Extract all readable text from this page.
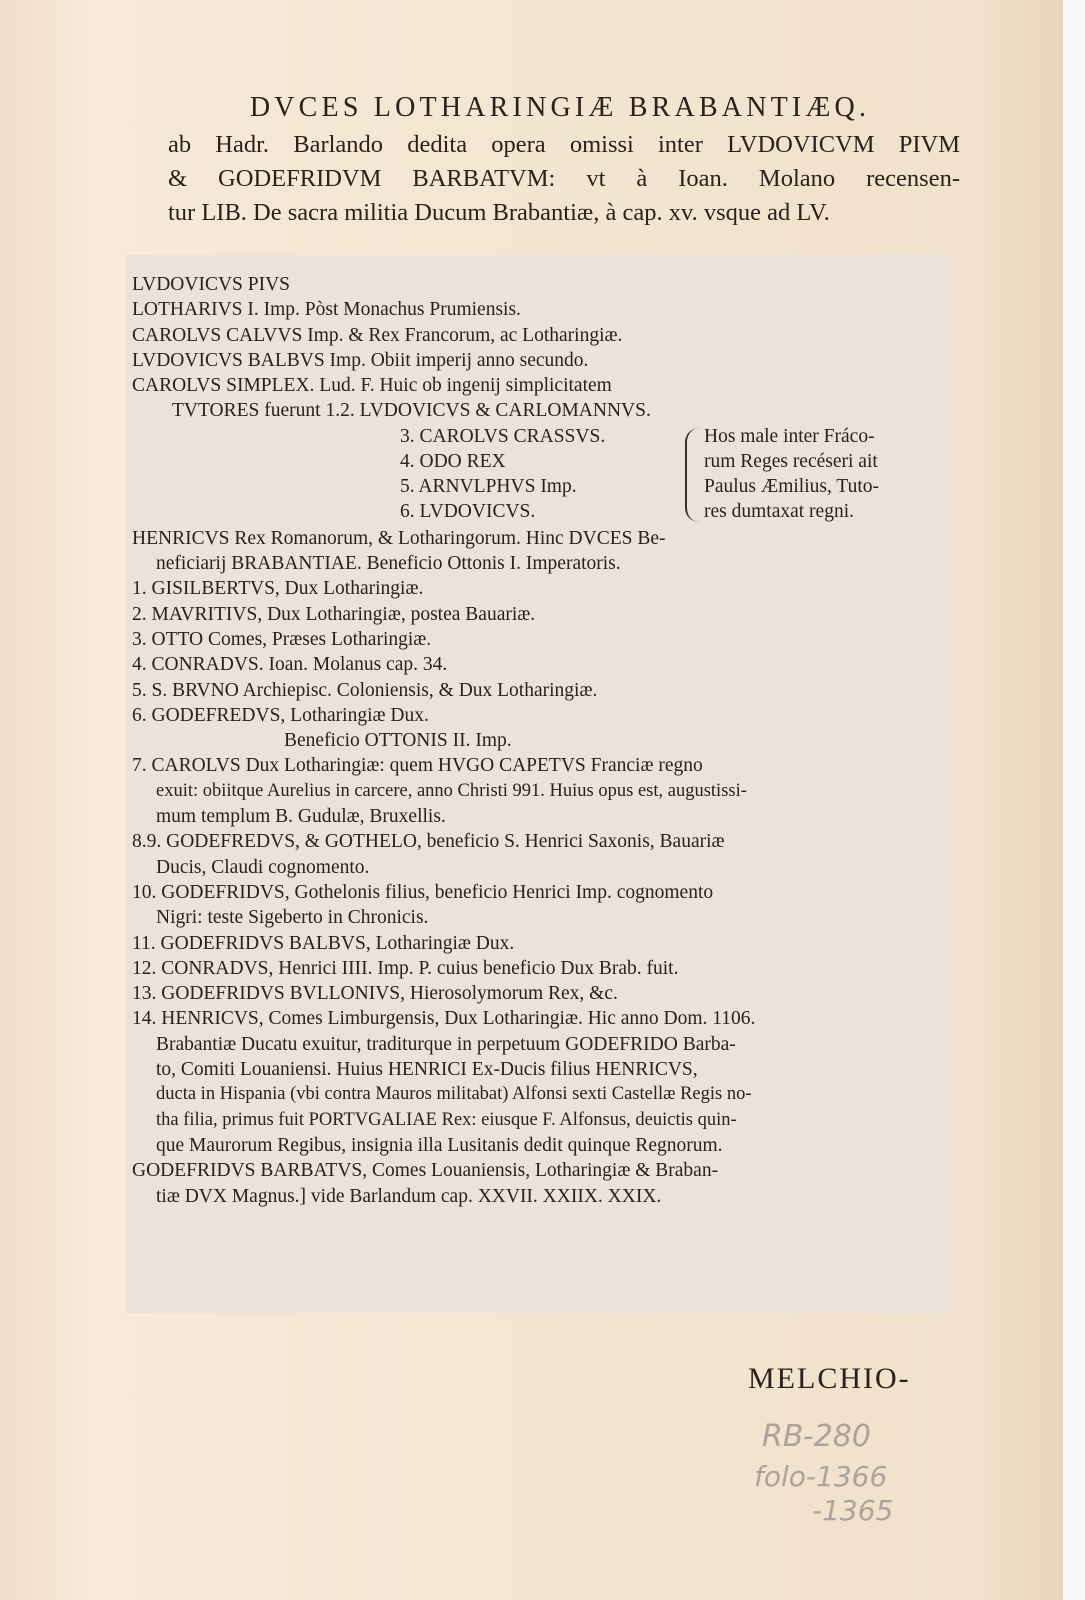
DVCES LOTHARINGIÆ BRABANTIÆQ.
ab Hadr. Barlando dedita opera omissi inter LVDOVICVM PIVM
& GODEFRIDVM BARBATVM: vt à Ioan. Molano recensen-
tur LIB. De sacra militia Ducum Brabantiæ, à cap. xv. vsque ad LV.
LVDOVICVS PIVS
LOTHARIVS I. Imp. Pòst Monachus Prumiensis.
CAROLVS CALVVS Imp. & Rex Francorum, ac Lotharingiæ.
LVDOVICVS BALBVS Imp. Obiit imperij anno secundo.
CAROLVS SIMPLEX. Lud. F. Huic ob ingenij simplicitatem
TVTORES fuerunt 1.2. LVDOVICVS & CARLOMANNVS.
3. CAROLVS CRASSVS.
4. ODO REX
5. ARNVLPHVS Imp.
6. LVDOVICVS.
Hos male inter Fráco-
rum Reges recéseri ait
Paulus Æmilius, Tuto-
res dumtaxat regni.
HENRICVS Rex Romanorum, & Lotharingorum. Hinc DVCES Be-
neficiarij BRABANTIAE. Beneficio Ottonis I. Imperatoris.
1. GISILBERTVS, Dux Lotharingiæ.
2. MAVRITIVS, Dux Lotharingiæ, postea Bauariæ.
3. OTTO Comes, Præses Lotharingiæ.
4. CONRADVS. Ioan. Molanus cap. 34.
5. S. BRVNO Archiepisc. Coloniensis, & Dux Lotharingiæ.
6. GODEFREDVS, Lotharingiæ Dux.
Beneficio OTTONIS II. Imp.
7. CAROLVS Dux Lotharingiæ: quem HVGO CAPETVS Franciæ regno
exuit: obiitque Aurelius in carcere, anno Christi 991. Huius opus est, augustissi-
mum templum B. Gudulæ, Bruxellis.
8.9. GODEFREDVS, & GOTHELO, beneficio S. Henrici Saxonis, Bauariæ
Ducis, Claudi cognomento.
10. GODEFRIDVS, Gothelonis filius, beneficio Henrici Imp. cognomento
Nigri: teste Sigeberto in Chronicis.
11. GODEFRIDVS BALBVS, Lotharingiæ Dux.
12. CONRADVS, Henrici IIII. Imp. P. cuius beneficio Dux Brab. fuit.
13. GODEFRIDVS BVLLONIVS, Hierosolymorum Rex, &c.
14. HENRICVS, Comes Limburgensis, Dux Lotharingiæ. Hic anno Dom. 1106.
Brabantiæ Ducatu exuitur, traditurque in perpetuum GODEFRIDO Barba-
to, Comiti Louaniensi. Huius HENRICI Ex-Ducis filius HENRICVS,
ducta in Hispania (vbi contra Mauros militabat) Alfonsi sexti Castellæ Regis no-
tha filia, primus fuit PORTVGALIAE Rex: eiusque F. Alfonsus, deuictis quin-
que Maurorum Regibus, insignia illa Lusitanis dedit quinque Regnorum.
GODEFRIDVS BARBATVS, Comes Louaniensis, Lotharingiæ & Braban-
tiæ DVX Magnus.] vide Barlandum cap. XXVII. XXIIX. XXIX.
MELCHIO-
RB-280
folo-1366
-1365
